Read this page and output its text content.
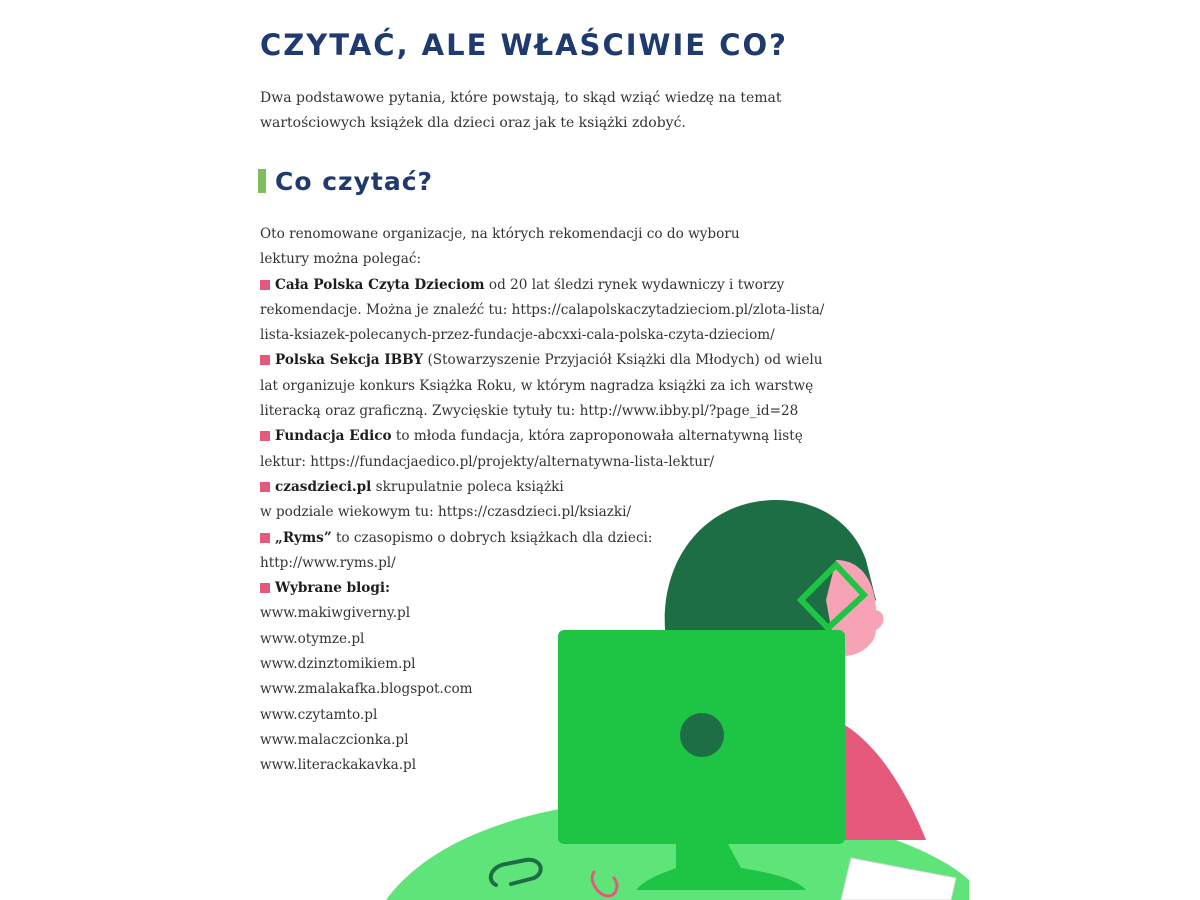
CZYTAĆ, ALE WŁAŚCIWIE CO?
Dwa podstawowe pytania, które powstają, to skąd wziąć wiedzę na temat
wartościowych książek dla dzieci oraz jak te książki zdobyć.
Co czytać?

Oto renomowane organizacje, na których rekomendacji co do wyboru

lektury można polegać:

Cała Polska Czyta Dzieciom od 20 lat śledzi rynek wydawniczy i tworzy
rekomendacje. Można je znaleźć tu: https://calapolskaczytadzieciom.pl/zlota-lista/
lista-ksiazek-polecanych-przez-fundacje-abcxxi-cala-polska-czyta-dzieciom/
Polska Sekcja IBBY (Stowarzyszenie Przyjaciół Książki dla Młodych) od wielu
lat organizuje konkurs Książka Roku, w którym nagradza książki za ich warstwę
literacką oraz graficzną. Zwycięskie tytuły tu: http://www.ibby.pl/?page_id=28
Fundacja Edico to młoda fundacja, która zaproponowała alternatywną listę
lektur: https://fundacjaedico.pl/projekty/alternatywna-lista-lektur/
czasdzieci.pl skrupulatnie poleca książki
w podziale wiekowym tu: https://czasdzieci.pl/ksiazki/
„Ryms” to czasopismo o dobrych książkach dla dzieci:
http://www.ryms.pl/
Wybrane blogi:
www.makiwgiverny.pl
www.otymze.pl
www.dzinztomikiem.pl
www.zmalakafka.blogspot.com
www.czytamto.pl
www.malaczcionka.pl
www.literackakavka.pl
